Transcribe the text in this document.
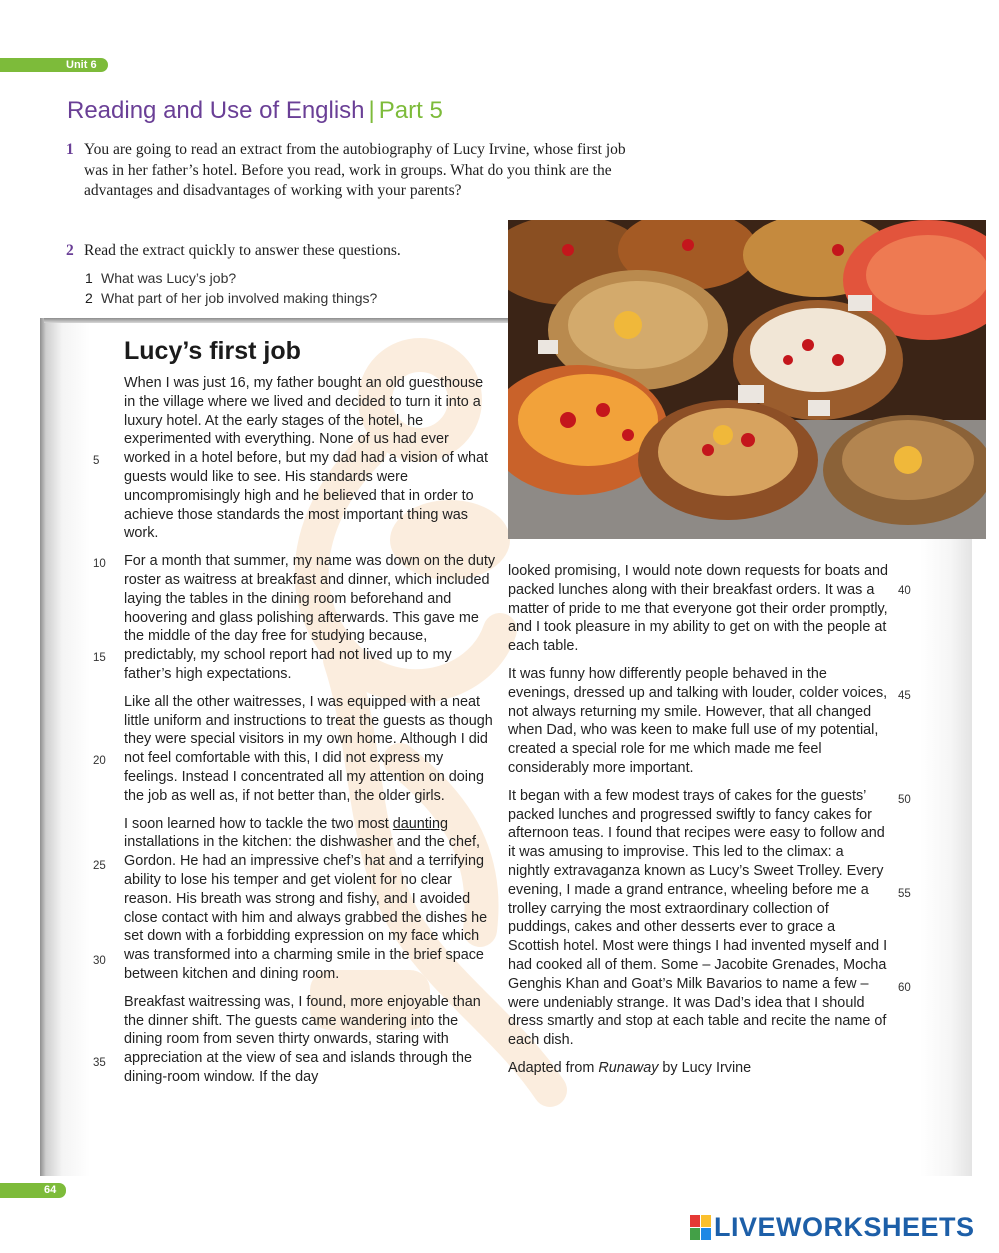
Unit 6
Reading and Use of English | Part 5
1 You are going to read an extract from the autobiography of Lucy Irvine, whose first job was in her father’s hotel. Before you read, work in groups. What do you think are the advantages and disadvantages of working with your parents?
2 Read the extract quickly to answer these questions.
1 What was Lucy’s job?
2 What part of her job involved making things?
Lucy’s first job

When I was just 16, my father bought an old guesthouse in the village where we lived and decided to turn it into a luxury hotel. At the early stages of the hotel, he experimented with everything. None of us had ever worked in a hotel before, but my dad had a vision of what guests would like to see. His standards were uncompromisingly high and he believed that in order to achieve those standards the most important thing was work.

For a month that summer, my name was down on the duty roster as waitress at breakfast and dinner, which included laying the tables in the dining room beforehand and hoovering and glass polishing afterwards. This gave me the middle of the day free for studying because, predictably, my school report had not lived up to my father’s high expectations.

Like all the other waitresses, I was equipped with a neat little uniform and instructions to treat the guests as though they were special visitors in my own home. Although I did not feel comfortable with this, I did not express my feelings. Instead I concentrated all my attention on doing the job as well as, if not better than, the older girls.

I soon learned how to tackle the two most daunting installations in the kitchen: the dishwasher and the chef, Gordon. He had an impressive chef’s hat and a terrifying ability to lose his temper and get violent for no clear reason. His breath was strong and fishy, and I avoided close contact with him and always grabbed the dishes he set down with a forbidding expression on my face which was transformed into a charming smile in the brief space between kitchen and dining room.

Breakfast waitressing was, I found, more enjoyable than the dinner shift. The guests came wandering into the dining room from seven thirty onwards, staring with appreciation at the view of sea and islands through the dining-room window. If the day

looked promising, I would note down requests for boats and packed lunches along with their breakfast orders. It was a matter of pride to me that everyone got their order promptly, and I took pleasure in my ability to get on with the people at each table.

It was funny how differently people behaved in the evenings, dressed up and talking with louder, colder voices, not always returning my smile. However, that all changed when Dad, who was keen to make full use of my potential, created a special role for me which made me feel considerably more important.

It began with a few modest trays of cakes for the guests’ packed lunches and progressed swiftly to fancy cakes for afternoon teas. I found that recipes were easy to follow and it was amusing to improvise. This led to the climax: a nightly extravaganza known as Lucy’s Sweet Trolley. Every evening, I made a grand entrance, wheeling before me a trolley carrying the most extraordinary collection of puddings, cakes and other desserts ever to grace a Scottish hotel. Most were things I had invented myself and I had cooked all of them. Some – Jacobite Grenades, Mocha Genghis Khan and Goat’s Milk Bavarios to name a few – were undeniably strange. It was Dad’s idea that I should dress smartly and stop at each table and recite the name of each dish.

Adapted from Runaway by Lucy Irvine

5
10
15
20
25
30
35
40
45
50
55
60
64
LIVEWORKSHEETS
